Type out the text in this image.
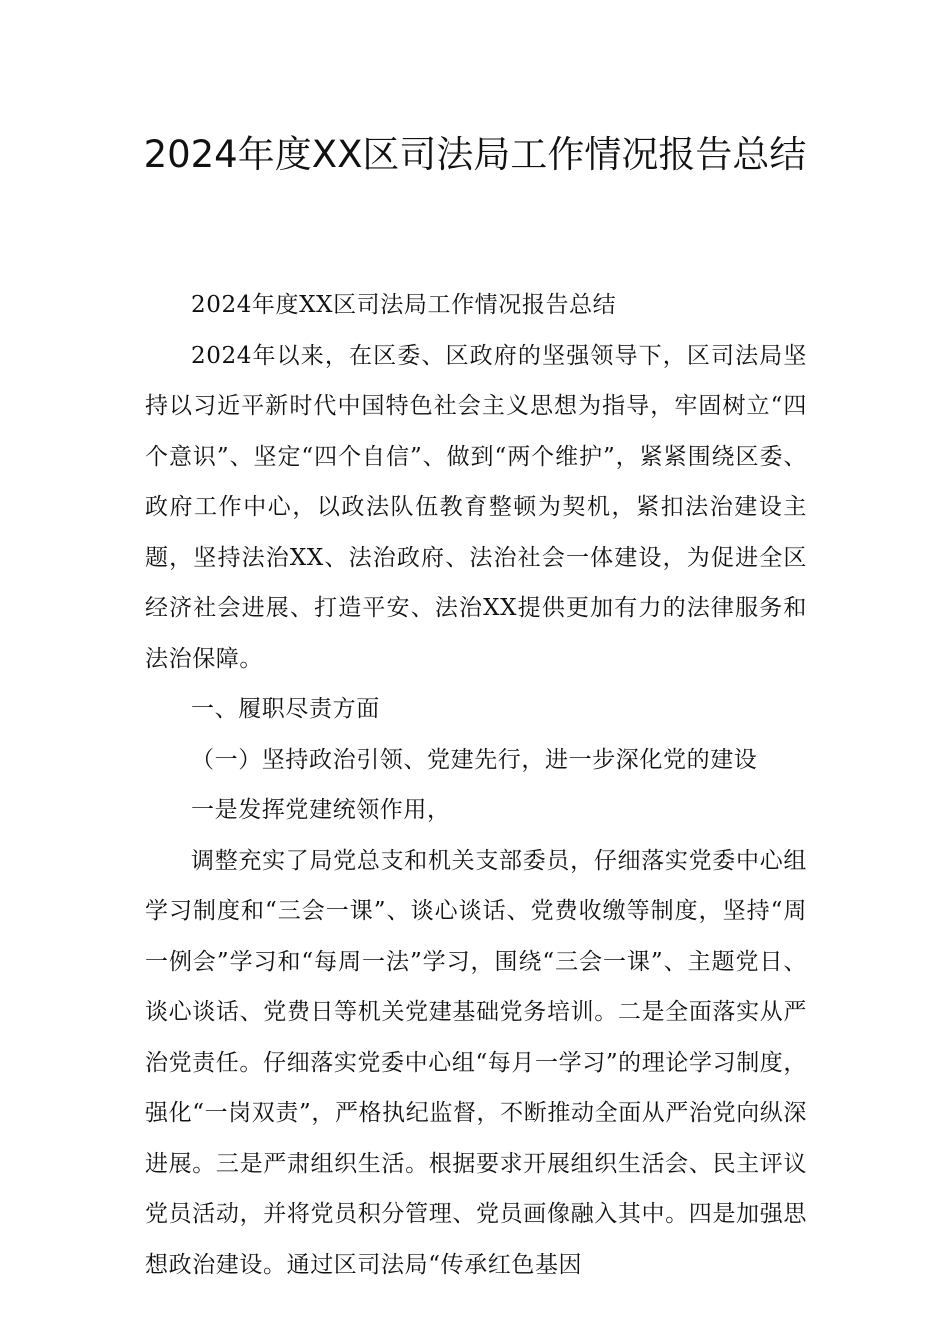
2024年度XX区司法局工作情况报告总结

2024年度XX区司法局工作情况报告总结

2024年以来，在区委、区政府的坚强领导下，区司法局坚持以习近平新时代中国特色社会主义思想为指导，牢固树立“四个意识”、坚定“四个自信”、做到“两个维护”，紧紧围绕区委、政府工作中心，以政法队伍教育整顿为契机，紧扣法治建设主题，坚持法治XX、法治政府、法治社会一体建设，为促进全区经济社会进展、打造平安、法治XX提供更加有力的法律服务和法治保障。

一、履职尽责方面

（一）坚持政治引领、党建先行，进一步深化党的建设

一是发挥党建统领作用，

调整充实了局党总支和机关支部委员，仔细落实党委中心组学习制度和“三会一课”、谈心谈话、党费收缴等制度，坚持“周一例会”学习和“每周一法”学习，围绕“三会一课”、主题党日、谈心谈话、党费日等机关党建基础党务培训。二是全面落实从严治党责任。仔细落实党委中心组“每月一学习”的理论学习制度，强化“一岗双责”，严格执纪监督，不断推动全面从严治党向纵深进展。三是严肃组织生活。根据要求开展组织生活会、民主评议党员活动，并将党员积分管理、党员画像融入其中。四是加强思想政治建设。通过区司法局“传承红色基因
